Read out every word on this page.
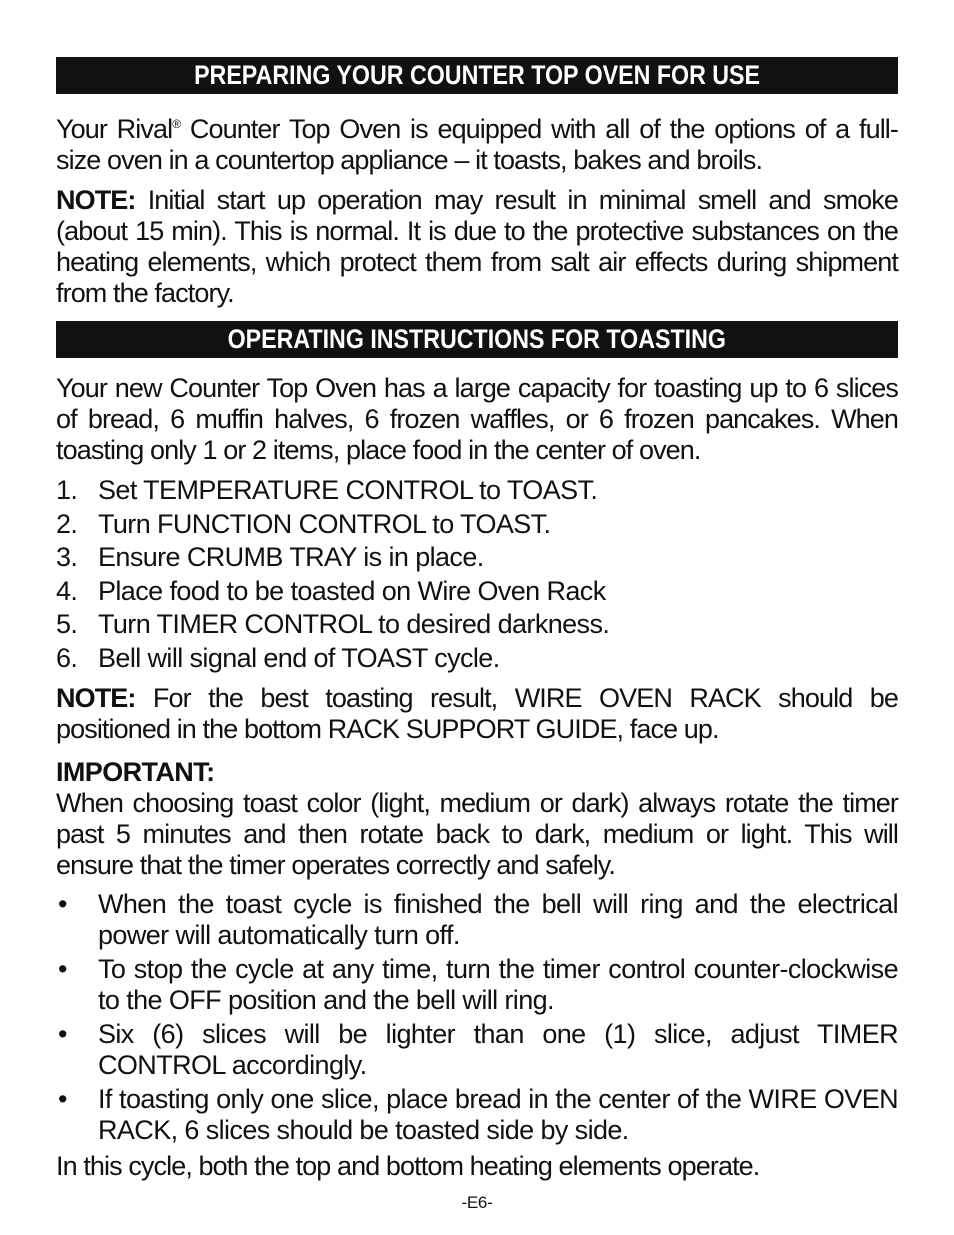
PREPARING YOUR COUNTER TOP OVEN FOR USE

Your Rival® Counter Top Oven is equipped with all of the options of a full-size oven in a countertop appliance – it toasts, bakes and broils.

NOTE: Initial start up operation may result in minimal smell and smoke (about 15 min). This is normal. It is due to the protective substances on the heating elements, which protect them from salt air effects during shipment from the factory.

OPERATING INSTRUCTIONS FOR TOASTING

Your new Counter Top Oven has a large capacity for toasting up to 6 slices of bread, 6 muffin halves, 6 frozen waffles, or 6 frozen pancakes. When toasting only 1 or 2 items, place food in the center of oven.

1. Set TEMPERATURE CONTROL to TOAST.
2. Turn FUNCTION CONTROL to TOAST.
3. Ensure CRUMB TRAY is in place.
4. Place food to be toasted on Wire Oven Rack
5. Turn TIMER CONTROL to desired darkness.
6. Bell will signal end of TOAST cycle.

NOTE: For the best toasting result, WIRE OVEN RACK should be positioned in the bottom RACK SUPPORT GUIDE, face up.

IMPORTANT:

When choosing toast color (light, medium or dark) always rotate the timer past 5 minutes and then rotate back to dark, medium or light. This will ensure that the timer operates correctly and safely.

• When the toast cycle is finished the bell will ring and the electrical power will automatically turn off.
• To stop the cycle at any time, turn the timer control counter-clockwise to the OFF position and the bell will ring.
• Six (6) slices will be lighter than one (1) slice, adjust TIMER CONTROL accordingly.
• If toasting only one slice, place bread in the center of the WIRE OVEN RACK, 6 slices should be toasted side by side.

In this cycle, both the top and bottom heating elements operate.

-E6-
